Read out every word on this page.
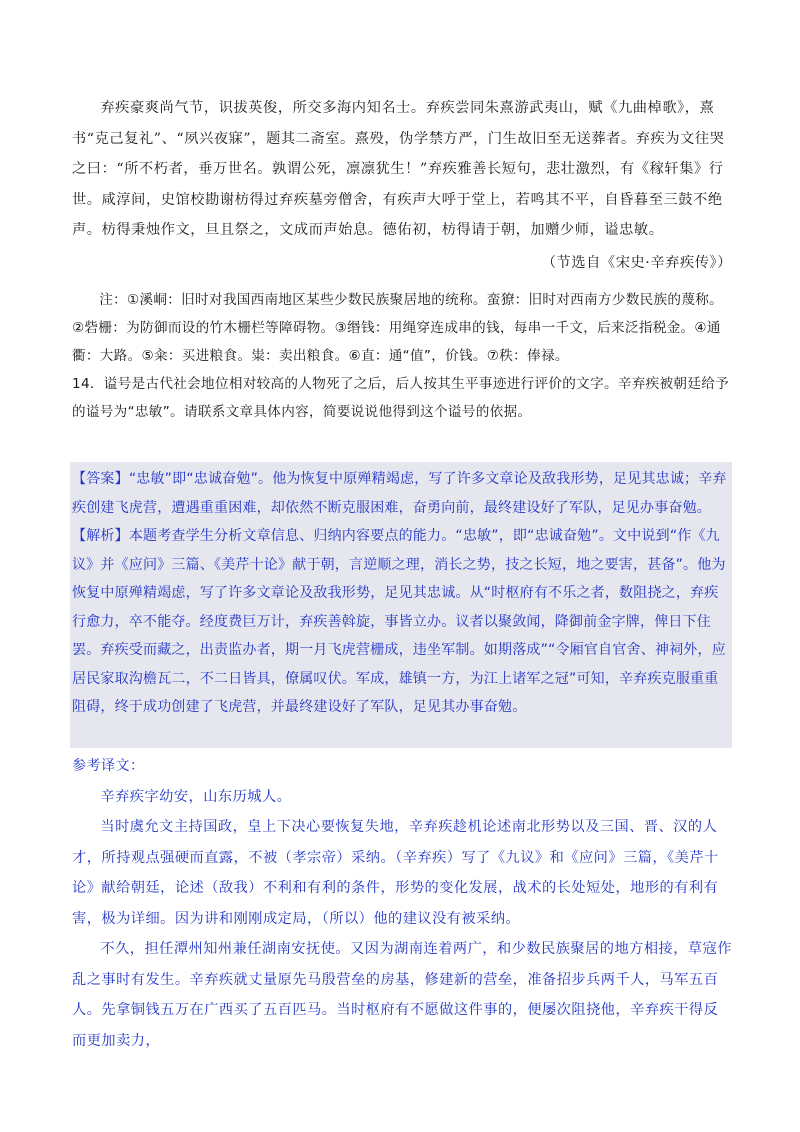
弃疾豪爽尚气节，识拔英俊，所交多海内知名士。弃疾尝同朱熹游武夷山，赋《九曲棹歌》，熹书“克己复礼”、“夙兴夜寐”，题其二斋室。熹殁，伪学禁方严，门生故旧至无送葬者。弃疾为文往哭之曰：“所不朽者，垂万世名。孰谓公死，凛凛犹生！”弃疾雅善长短句，悲壮激烈，有《稼轩集》行世。咸淳间，史馆校勘谢枋得过弃疾墓旁僧舍，有疾声大呼于堂上，若鸣其不平，自昏暮至三鼓不绝声。枋得秉烛作文，旦且祭之，文成而声始息。德佑初，枋得请于朝，加赠少师，谥忠敏。

（节选自《宋史·辛弃疾传》）

注：①溪峒：旧时对我国西南地区某些少数民族聚居地的统称。蛮獠：旧时对西南方少数民族的蔑称。②砦栅：为防御而设的竹木栅栏等障碍物。③缗钱：用绳穿连成串的钱，每串一千文，后来泛指税金。④通衢：大路。⑤籴：买进粮食。粜：卖出粮食。⑥直：通“值”，价钱。⑦秩：俸禄。

14．谥号是古代社会地位相对较高的人物死了之后，后人按其生平事迹进行评价的文字。辛弃疾被朝廷给予的谥号为“忠敏”。请联系文章具体内容，简要说说他得到这个谥号的依据。

【答案】“忠敏”即“忠诚奋勉”。他为恢复中原殚精竭虑，写了许多文章论及敌我形势，足见其忠诚；辛弃疾创建飞虎营，遭遇重重困难，却依然不断克服困难，奋勇向前，最终建设好了军队，足见办事奋勉。

【解析】本题考查学生分析文章信息、归纳内容要点的能力。“忠敏”，即“忠诚奋勉”。文中说到“作《九议》并《应问》三篇、《美芹十论》献于朝，言逆顺之理，消长之势，技之长短，地之要害，甚备”。他为恢复中原殚精竭虑，写了许多文章论及敌我形势，足见其忠诚。从“时枢府有不乐之者，数阻挠之，弃疾行愈力，卒不能夺。经度费巨万计，弃疾善斡旋，事皆立办。议者以聚敛闻，降御前金字牌，俾日下住罢。弃疾受而藏之，出责监办者，期一月飞虎营栅成，违坐军制。如期落成”“令厢官自官舍、神祠外，应居民家取沟檐瓦二，不二日皆具，僚属叹伏。军成，雄镇一方，为江上诸军之冠”可知，辛弃疾克服重重阻碍，终于成功创建了飞虎营，并最终建设好了军队，足见其办事奋勉。

参考译文：

辛弃疾字幼安，山东历城人。

当时虞允文主持国政，皇上下决心要恢复失地，辛弃疾趁机论述南北形势以及三国、晋、汉的人才，所持观点强硬而直露，不被（孝宗帝）采纳。（辛弃疾）写了《九议》和《应问》三篇，《美芹十论》献给朝廷，论述（敌我）不利和有利的条件，形势的变化发展，战术的长处短处，地形的有利有害，极为详细。因为讲和刚刚成定局，（所以）他的建议没有被采纳。

不久，担任潭州知州兼任湖南安抚使。又因为湖南连着两广，和少数民族聚居的地方相接，草寇作乱之事时有发生。辛弃疾就丈量原先马殷营垒的房基，修建新的营垒，准备招步兵两千人，马军五百人。先拿铜钱五万在广西买了五百匹马。当时枢府有不愿做这件事的，便屡次阻挠他，辛弃疾干得反而更加卖力，
